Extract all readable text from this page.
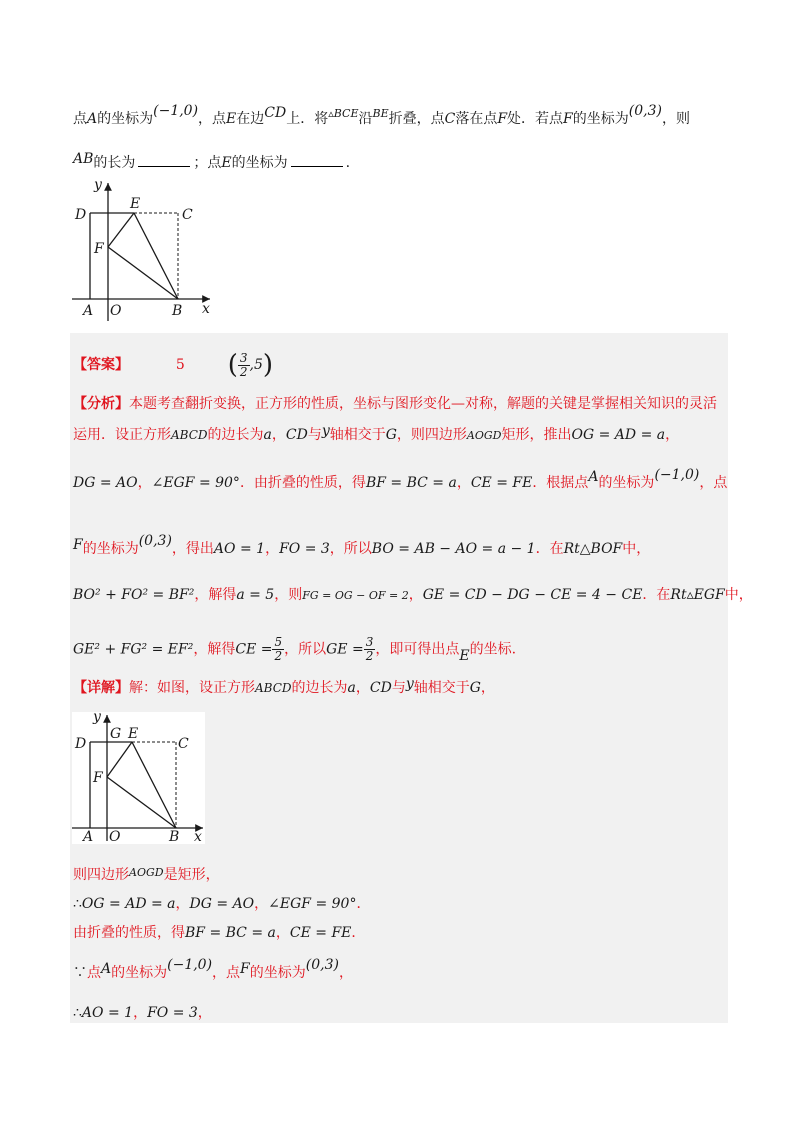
点A的坐标为(−1,0)，点E在边CD上．将$^{▵BCE}$沿$^{BE}$折叠，点C落在点F处．若点F的坐标为(0,3)，则
AB的长为	；点E的坐标为	.
y
D
E
C
F
A O	B x
【答案】	5 ( $\frac{3}{2} ,5$)
【分析】本题考查翻折变换，正方形的性质，坐标与图形变化—对称，解题的关键是掌握相关知识的灵活
运用．设正方形ABCD的边长为a，CD与y轴相交于G，则四边形AOGD矩形，推出OG = AD = a，
DG = AO，∠EGF = 90°．由折叠的性质，得BF = BC = a，CE = FE．根据点A的坐标为(−1,0)，点
F的坐标为(0,3)，得出AO = 1，FO = 3，所以BO = AB − AO = a − 1．在Rt△BOF中，
BO² + FO² = BF²，解得a = 5，则FG = OG − OF = 2，GE = CD − DG − CE = 4 − CE．在Rt▵EGF中，
GE² + FG² = EF²，解得CE = $\frac{5}{2}$ ，所以GE = $\frac{3}{2}$ ，即可得出点E的坐标.
【详解】解：如图，设正方形ABCD的边长为a，CD与y轴相交于G，
y
D
G E
C
F
A O	B x
则四边形$^{AOGD}$是矩形，
∴OG = AD = a，DG = AO，∠EGF = 90°．
由折叠的性质，得BF = BC = a，CE = FE．
∵点A的坐标为(−1,0)，点F的坐标为(0,3)，
∴AO = 1，FO = 3，
